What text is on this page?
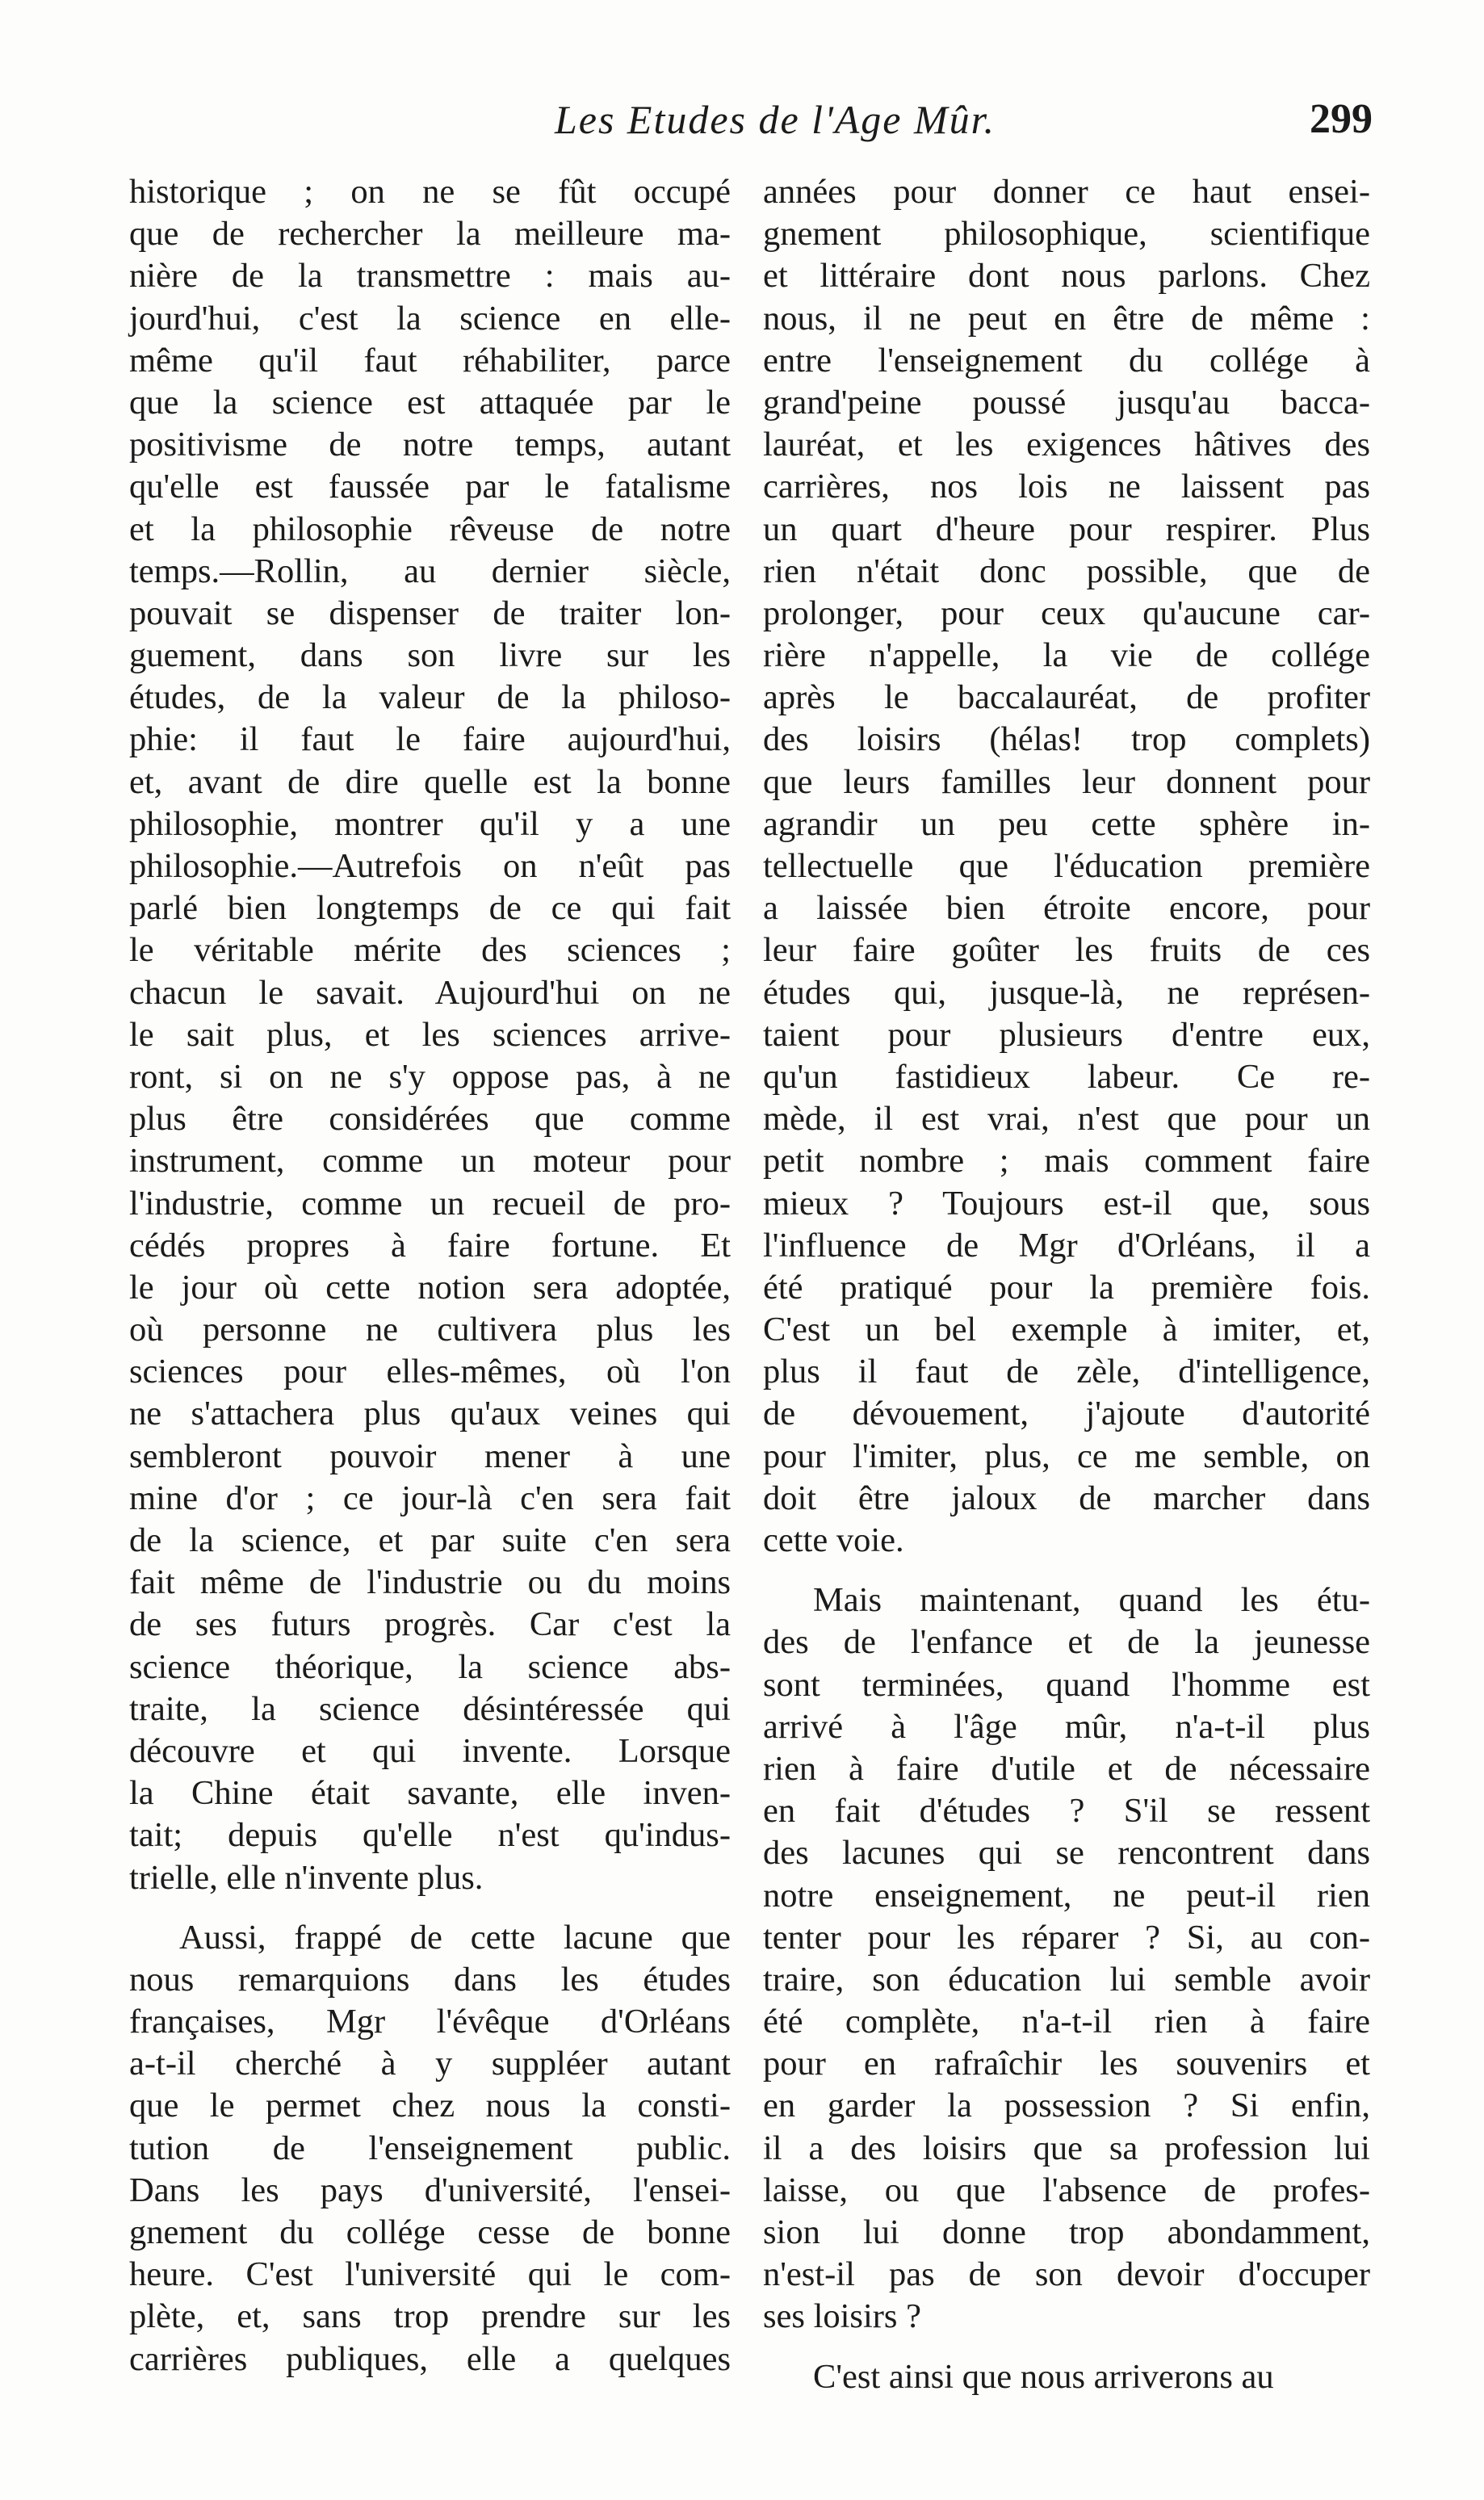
Les Etudes de l'Age Mûr.	299
historique ; on ne se fût occupé
que de rechercher la meilleure ma-
nière de la transmettre : mais au-
jourd'hui, c'est la science en elle-
même qu'il faut réhabiliter, parce
que la science est attaquée par le
positivisme de notre temps, autant
qu'elle est faussée par le fatalisme
et la philosophie rêveuse de notre
temps.—Rollin, au dernier siècle,
pouvait se dispenser de traiter lon-
guement, dans son livre sur les
études, de la valeur de la philoso-
phie: il faut le faire aujourd'hui,
et, avant de dire quelle est la bonne
philosophie, montrer qu'il y a une
philosophie.—Autrefois on n'eût pas
parlé bien longtemps de ce qui fait
le véritable mérite des sciences ;
chacun le savait. Aujourd'hui on ne
le sait plus, et les sciences arrive-
ront, si on ne s'y oppose pas, à ne
plus être considérées que comme
instrument, comme un moteur pour
l'industrie, comme un recueil de pro-
cédés propres à faire fortune. Et
le jour où cette notion sera adoptée,
où personne ne cultivera plus les
sciences pour elles-mêmes, où l'on
ne s'attachera plus qu'aux veines qui
sembleront pouvoir mener à une
mine d'or ; ce jour-là c'en sera fait
de la science, et par suite c'en sera
fait même de l'industrie ou du moins
de ses futurs progrès. Car c'est la
science théorique, la science abs-
traite, la science désintéressée qui
découvre et qui invente. Lorsque
la Chine était savante, elle inven-
tait; depuis qu'elle n'est qu'indus-
trielle, elle n'invente plus.
Aussi, frappé de cette lacune que
nous remarquions dans les études
françaises, Mgr l'évêque d'Orléans
a-t-il cherché à y suppléer autant
que le permet chez nous la consti-
tution de l'enseignement public.
Dans les pays d'université, l'ensei-
gnement du collége cesse de bonne
heure. C'est l'université qui le com-
plète, et, sans trop prendre sur les
carrières publiques, elle a quelques
années pour donner ce haut ensei-
gnement philosophique, scientifique
et littéraire dont nous parlons. Chez
nous, il ne peut en être de même :
entre l'enseignement du collége à
grand'peine poussé jusqu'au bacca-
lauréat, et les exigences hâtives des
carrières, nos lois ne laissent pas
un quart d'heure pour respirer. Plus
rien n'était donc possible, que de
prolonger, pour ceux qu'aucune car-
rière n'appelle, la vie de collége
après le baccalauréat, de profiter
des loisirs (hélas! trop complets)
que leurs familles leur donnent pour
agrandir un peu cette sphère in-
tellectuelle que l'éducation première
a laissée bien étroite encore, pour
leur faire goûter les fruits de ces
études qui, jusque-là, ne représen-
taient pour plusieurs d'entre eux,
qu'un fastidieux labeur. Ce re-
mède, il est vrai, n'est que pour un
petit nombre ; mais comment faire
mieux ? Toujours est-il que, sous
l'influence de Mgr d'Orléans, il a
été pratiqué pour la première fois.
C'est un bel exemple à imiter, et,
plus il faut de zèle, d'intelligence,
de dévouement, j'ajoute d'autorité
pour l'imiter, plus, ce me semble, on
doit être jaloux de marcher dans
cette voie.
Mais maintenant, quand les étu-
des de l'enfance et de la jeunesse
sont terminées, quand l'homme est
arrivé à l'âge mûr, n'a-t-il plus
rien à faire d'utile et de nécessaire
en fait d'études ? S'il se ressent
des lacunes qui se rencontrent dans
notre enseignement, ne peut-il rien
tenter pour les réparer ? Si, au con-
traire, son éducation lui semble avoir
été complète, n'a-t-il rien à faire
pour en rafraîchir les souvenirs et
en garder la possession ? Si enfin,
il a des loisirs que sa profession lui
laisse, ou que l'absence de profes-
sion lui donne trop abondamment,
n'est-il pas de son devoir d'occuper
ses loisirs ?
C'est ainsi que nous arriverons au
